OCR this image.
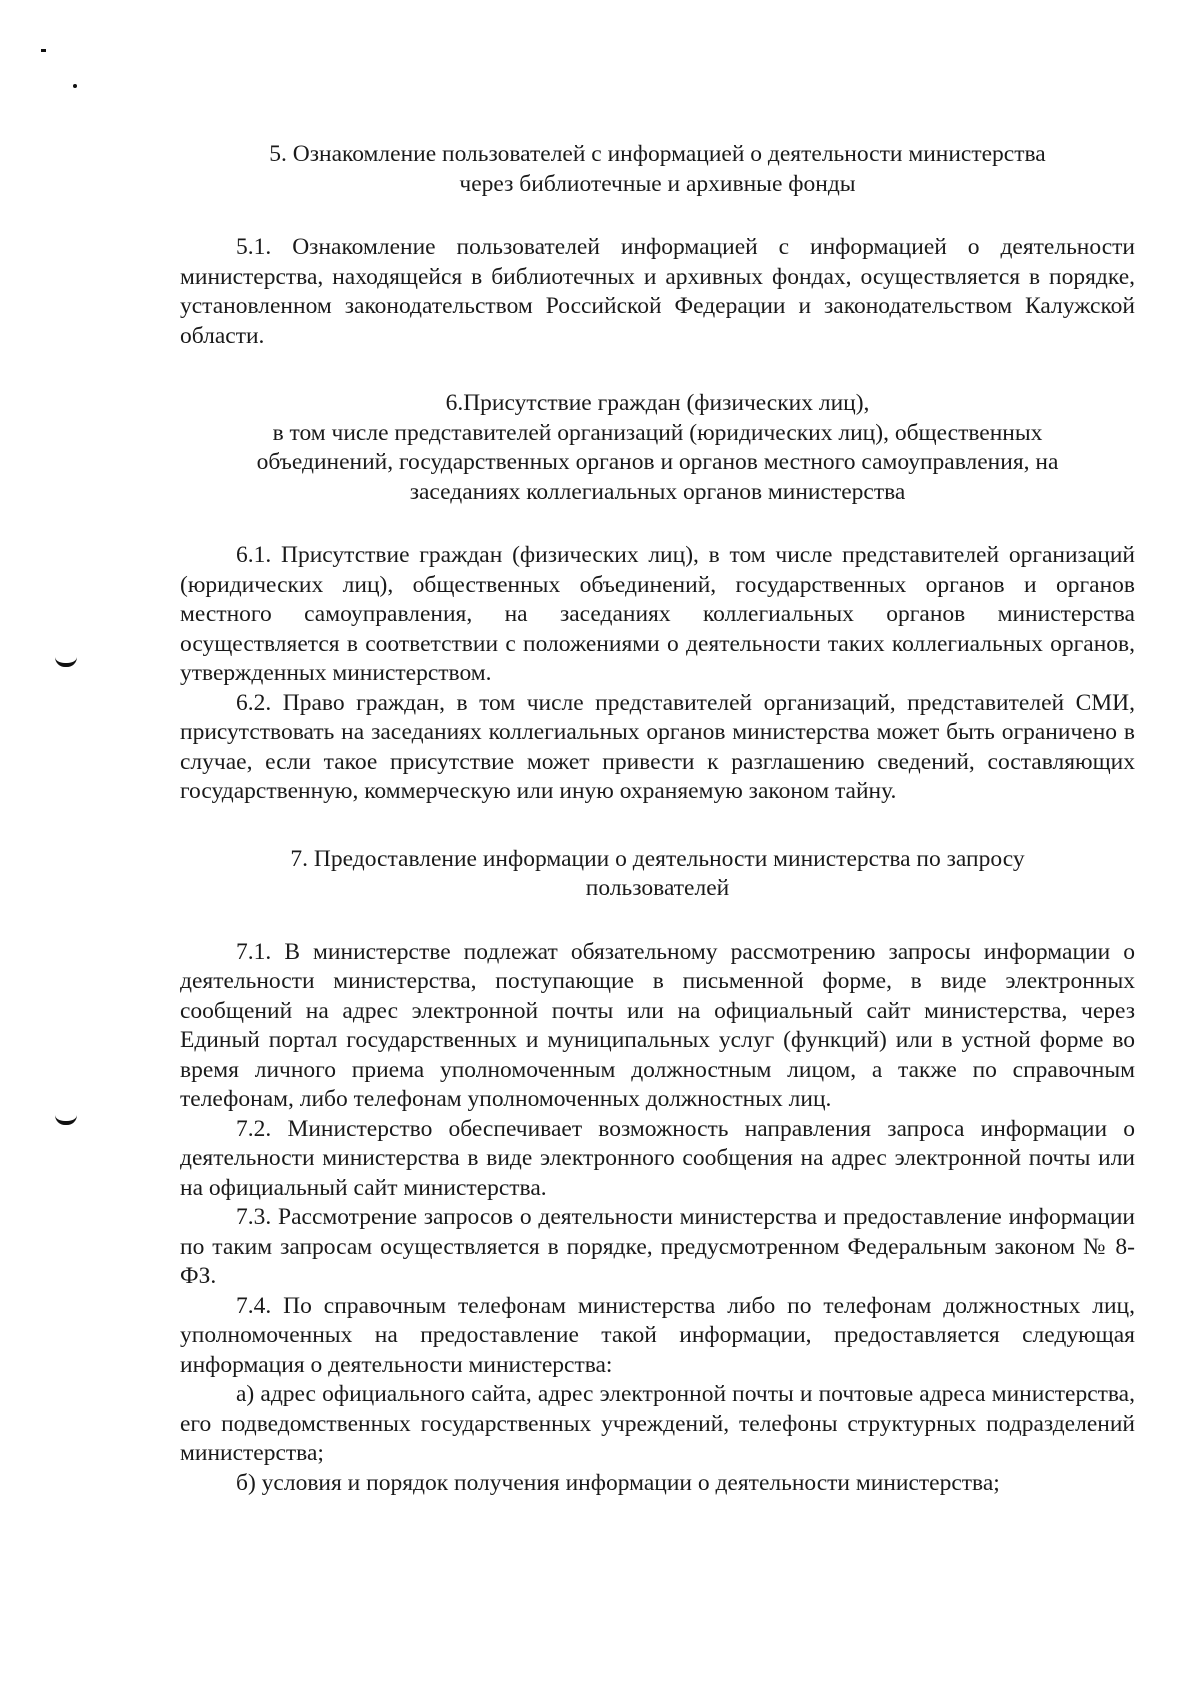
5. Ознакомление пользователей с информацией о деятельности министерства
через библиотечные и архивные фонды

5.1. Ознакомление пользователей информацией с информацией о деятельности министерства, находящейся в библиотечных и архивных фондах, осуществляется в порядке, установленном законодательством Российской Федерации и законодательством Калужской области.

6.Присутствие граждан (физических лиц),
в том числе представителей организаций (юридических лиц), общественных
объединений, государственных органов и органов местного самоуправления, на
заседаниях коллегиальных органов министерства

6.1. Присутствие граждан (физических лиц), в том числе представителей организаций (юридических лиц), общественных объединений, государственных органов и органов местного самоуправления, на заседаниях коллегиальных органов министерства осуществляется в соответствии с положениями о деятельности таких коллегиальных органов, утвержденных министерством.

6.2. Право граждан, в том числе представителей организаций, представителей СМИ, присутствовать на заседаниях коллегиальных органов министерства может быть ограничено в случае, если такое присутствие может привести к разглашению сведений, составляющих государственную, коммерческую или иную охраняемую законом тайну.

7. Предоставление информации о деятельности министерства по запросу
пользователей

7.1. В министерстве подлежат обязательному рассмотрению запросы информации о деятельности министерства, поступающие в письменной форме, в виде электронных сообщений на адрес электронной почты или на официальный сайт министерства, через Единый портал государственных и муниципальных услуг (функций) или в устной форме во время личного приема уполномоченным должностным лицом, а также по справочным телефонам, либо телефонам уполномоченных должностных лиц.

7.2. Министерство обеспечивает возможность направления запроса информации о деятельности министерства в виде электронного сообщения на адрес электронной почты или на официальный сайт министерства.

7.3. Рассмотрение запросов о деятельности министерства и предоставление информации по таким запросам осуществляется в порядке, предусмотренном Федеральным законом № 8-ФЗ.

7.4. По справочным телефонам министерства либо по телефонам должностных лиц, уполномоченных на предоставление такой информации, предоставляется следующая информация о деятельности министерства:

а) адрес официального сайта, адрес электронной почты и почтовые адреса министерства, его подведомственных государственных учреждений, телефоны структурных подразделений министерства;

б) условия и порядок получения информации о деятельности министерства;
